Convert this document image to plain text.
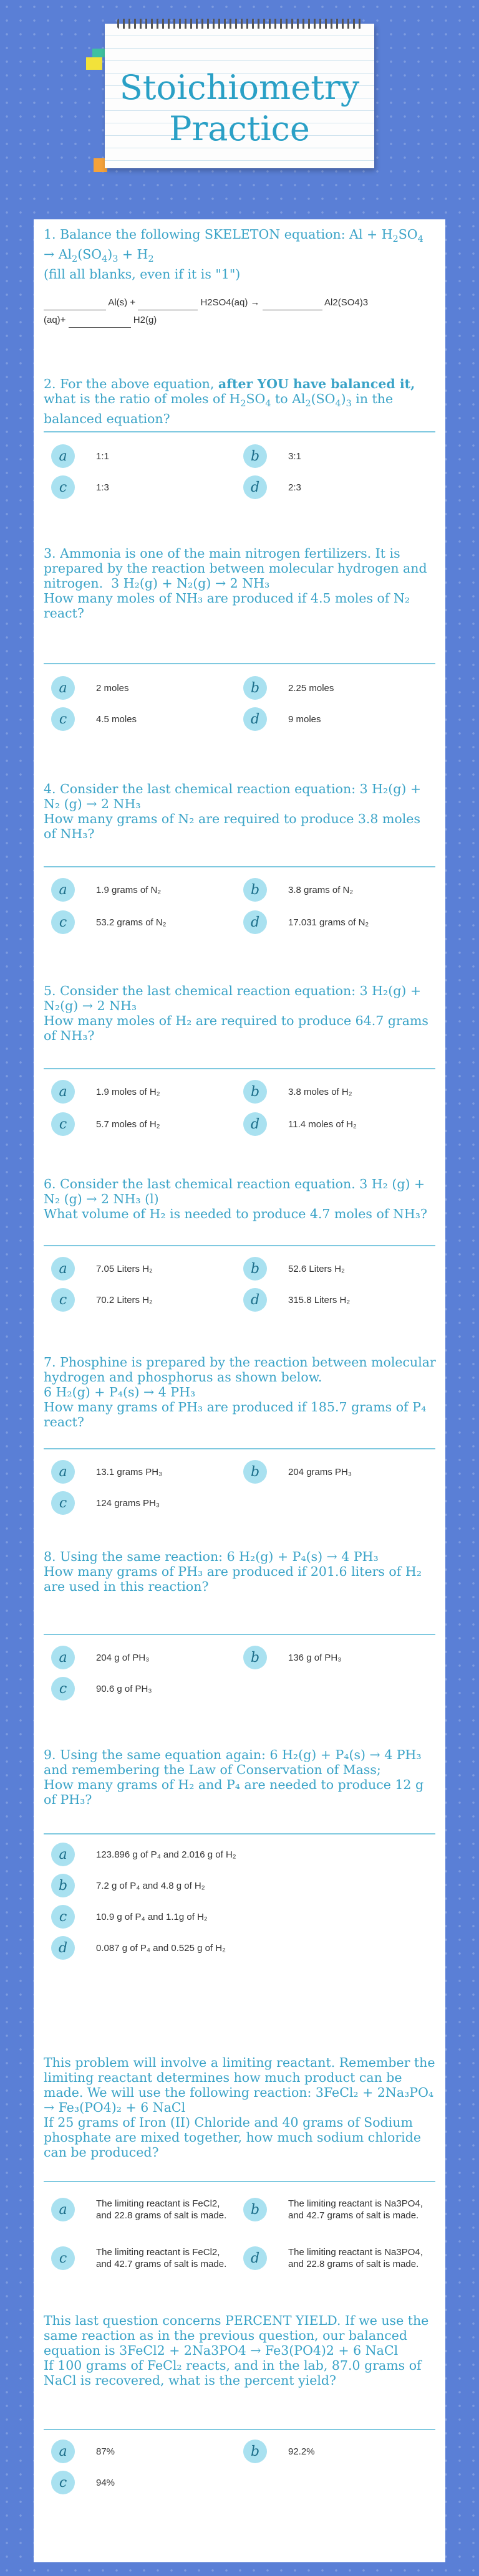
Stoichiometry
Practice
1. Balance the following SKELETON equation: $Al + H_2SO_4 \to Al_2(SO_4)_3 + H_2$
(fill all blanks, even if it is "1")
Al(s) +	H2SO4(aq) →	Al2(SO4)3
(aq)+	H2(g)
2. For the above equation, after YOU have balanced it, what is the ratio of moles of $H_2SO_4$ to $Al_2(SO_4)_3$ in the balanced equation?
a	1:1	b	3:1
c	1:3	d	2:3
3. Ammonia is one of the main nitrogen fertilizers. It is prepared by the reaction between molecular hydrogen and nitrogen. 3 H₂(g) + N₂(g) → 2 NH₃
How many moles of NH₃ are produced if 4.5 moles of N₂ react?
a	2 moles	b	2.25 moles
c	4.5 moles	d	9 moles
4. Consider the last chemical reaction equation: 3 H₂(g) + N₂ (g) → 2 NH₃
How many grams of N₂ are required to produce 3.8 moles of NH₃?
a	1.9 grams of N₂	b	3.8 grams of N₂
c	53.2 grams of N₂	d	17.031 grams of N₂
5. Consider the last chemical reaction equation: 3 H₂(g) + N₂(g) → 2 NH₃
How many moles of H₂ are required to produce 64.7 grams of NH₃?
a	1.9 moles of H₂	b	3.8 moles of H₂
c	5.7 moles of H₂	d	11.4 moles of H₂
6. Consider the last chemical reaction equation. 3 H₂ (g) + N₂ (g) → 2 NH₃ (l)
What volume of H₂ is needed to produce 4.7 moles of NH₃?
a	7.05 Liters H₂	b	52.6 Liters H₂
c	70.2 Liters H₂	d	315.8 Liters H₂
7. Phosphine is prepared by the reaction between molecular hydrogen and phosphorus as shown below.
6 H₂(g) + P₄(s) → 4 PH₃
How many grams of PH₃ are produced if 185.7 grams of P₄ react?
a	13.1 grams PH₃	b	204 grams PH₃
c	124 grams PH₃
8. Using the same reaction: 6 H₂(g) + P₄(s) → 4 PH₃
How many grams of PH₃ are produced if 201.6 liters of H₂ are used in this reaction?
a	204 g of PH₃	b	136 g of PH₃
c	90.6 g of PH₃
9. Using the same equation again: 6 H₂(g) + P₄(s) → 4 PH₃ and remembering the Law of Conservation of Mass;
How many grams of H₂ and P₄ are needed to produce 12 g of PH₃?
a	123.896 g of P₄ and 2.016 g of H₂
b	7.2 g of P₄ and 4.8 g of H₂
c	10.9 g of P₄ and 1.1g of H₂
d	0.087 g of P₄ and 0.525 g of H₂
This problem will involve a limiting reactant. Remember the limiting reactant determines how much product can be made. We will use the following reaction: 3FeCl₂ + 2Na₃PO₄ → Fe₃(PO4)₂ + 6 NaCl
If 25 grams of Iron (II) Chloride and 40 grams of Sodium phosphate are mixed together, how much sodium chloride can be produced?
a	The limiting reactant is FeCl2, and 22.8 grams of salt is made.	b	The limiting reactant is Na3PO4, and 42.7 grams of salt is made.
c	The limiting reactant is FeCl2, and 42.7 grams of salt is made.	d	The limiting reactant is Na3PO4, and 22.8 grams of salt is made.
This last question concerns PERCENT YIELD. If we use the same reaction as in the previous question, our balanced equation is 3FeCl2 + 2Na3PO4 → Fe3(PO4)2 + 6 NaCl
If 100 grams of FeCl₂ reacts, and in the lab, 87.0 grams of NaCl is recovered, what is the percent yield?
a	87%	b	92.2%
c	94%
